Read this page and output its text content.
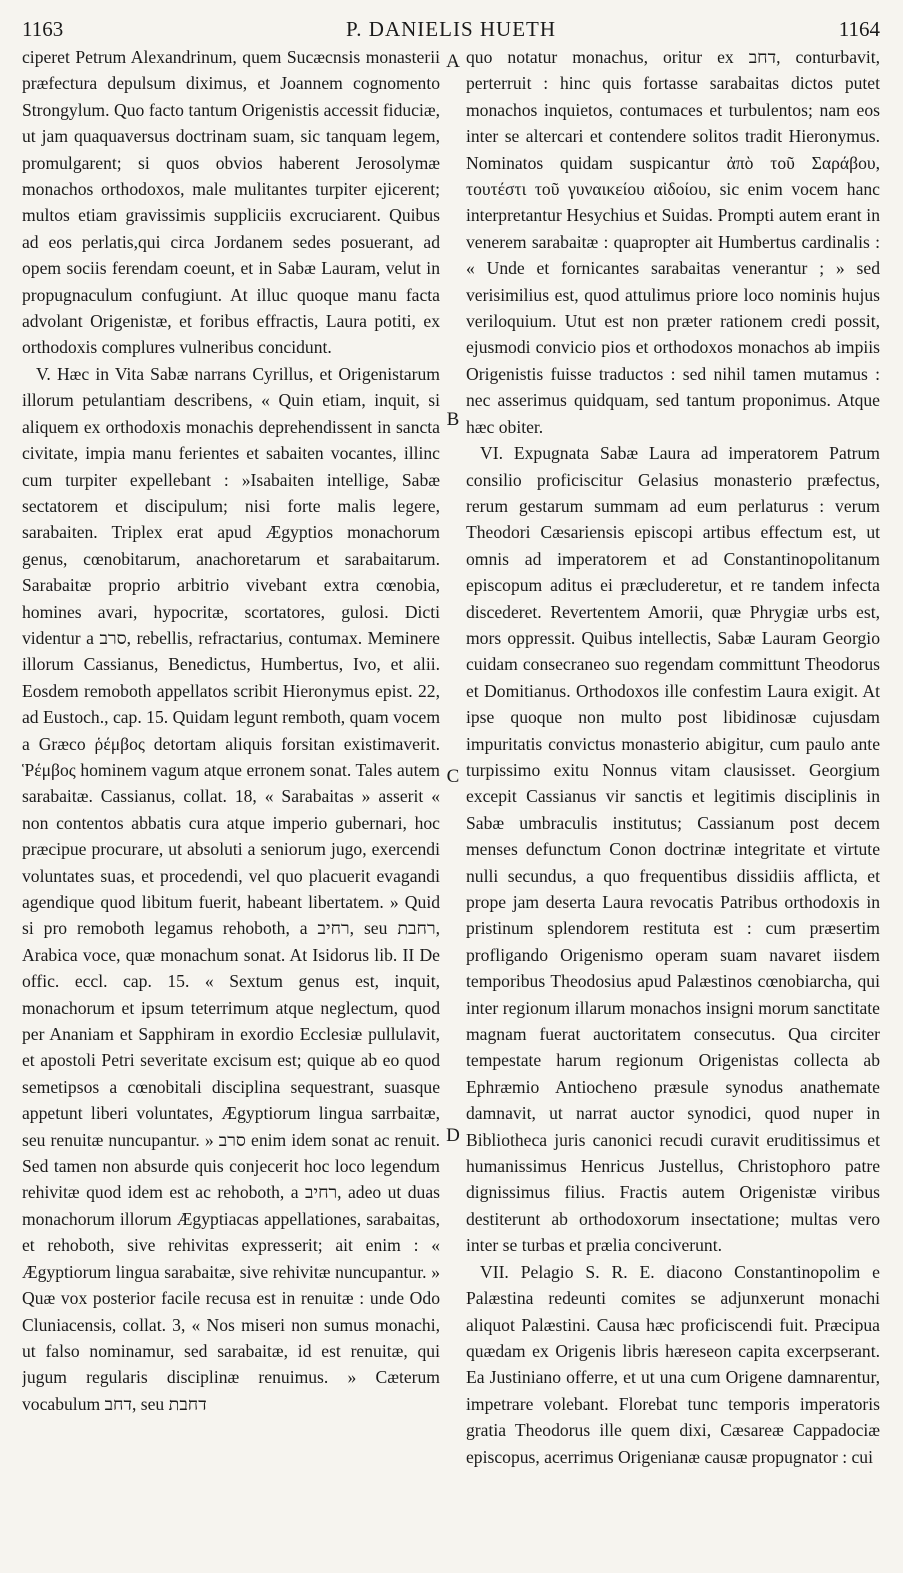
1163	P. DANIELIS HUETH	1164

ciperet Petrum Alexandrinum, quem Sucæcnsis monasterii præfectura depulsum diximus, et Joannem cognomento Strongylum. Quo facto tantum Origenistis accessit fiduciæ, ut jam quaquaversus doctrinam suam, sic tanquam legem, promulgarent; si quos obvios haberent Jerosolymæ monachos orthodoxos, male mulitantes turpiter ejicerent; multos etiam gravissimis suppliciis excruciarent. Quibus ad eos perlatis,qui circa Jordanem sedes posuerant, ad opem sociis ferendam coeunt, et in Sabæ Lauram, velut in propugnaculum confugiunt. At illuc quoque manu facta advolant Origenistæ, et foribus effractis, Laura potiti, ex orthodoxis complures vulneribus concidunt.

V. Hæc in Vita Sabæ narrans Cyrillus, et Origenistarum illorum petulantiam describens, « Quin etiam, inquit, si aliquem ex orthodoxis monachis deprehendissent in sancta civitate, impia manu ferientes et sabaiten vocantes, illinc cum turpiter expellebant : »Isabaiten intellige, Sabæ sectatorem et discipulum; nisi forte malis legere, sarabaiten. Triplex erat apud Ægyptios monachorum genus, cœnobitarum, anachoretarum et sarabaitarum. Sarabaitæ proprio arbitrio vivebant extra cœnobia, homines avari, hypocritæ, scortatores, gulosi. Dicti videntur a סרב, rebellis, refractarius, contumax. Meminere illorum Cassianus, Benedictus, Humbertus, Ivo, et alii. Eosdem remoboth appellatos scribit Hieronymus epist. 22, ad Eustoch., cap. 15. Quidam legunt remboth, quam vocem a Græco ῥέμβος detortam aliquis forsitan existimaverit. Ῥέμβος hominem vagum atque erronem sonat. Tales autem sarabaitæ. Cassianus, collat. 18, « Sarabaitas » asserit « non contentos abbatis cura atque imperio gubernari, hoc præcipue procurare, ut absoluti a seniorum jugo, exercendi voluntates suas, et procedendi, vel quo placuerit evagandi agendique quod libitum fuerit, habeant libertatem. » Quid si pro remoboth legamus rehoboth, a רחיב, seu רחבת, Arabica voce, quæ monachum sonat. At Isidorus lib. II De offic. eccl. cap. 15. « Sextum genus est, inquit, monachorum et ipsum teterrimum atque neglectum, quod per Ananiam et Sapphiram in exordio Ecclesiæ pullulavit, et apostoli Petri severitate excisum est; quique ab eo quod semetipsos a cœnobitali disciplina sequestrant, suasque appetunt liberi voluntates, Ægyptiorum lingua sarrbaitæ, seu renuitæ nuncupantur. » סרב enim idem sonat ac renuit. Sed tamen non absurde quis conjecerit hoc loco legendum rehivitæ quod idem est ac rehoboth, a רחיב, adeo ut duas monachorum illorum Ægyptiacas appellationes, sarabaitas, et rehoboth, sive rehivitas expresserit; ait enim : « Ægyptiorum lingua sarabaitæ, sive rehivitæ nuncupantur. » Quæ vox posterior facile recusa est in renuitæ : unde Odo Cluniacensis, collat. 3, « Nos miseri non sumus monachi, ut falso nominamur, sed sarabaitæ, id est renuitæ, qui jugum regularis disciplinæ renuimus. » Cæterum vocabulum דחב, seu דחבת

A
B
C
D

quo notatur monachus, oritur ex דחב, conturbavit, perterruit : hinc quis fortasse sarabaitas dictos putet monachos inquietos, contumaces et turbulentos; nam eos inter se altercari et contendere solitos tradit Hieronymus. Nominatos quidam suspicantur ἀπὸ τοῦ Σαράβου, τουτέστι τοῦ γυναικείου αἰδοίου, sic enim vocem hanc interpretantur Hesychius et Suidas. Prompti autem erant in venerem sarabaitæ : quapropter ait Humbertus cardinalis : « Unde et fornicantes sarabaitas venerantur ; » sed verisimilius est, quod attulimus priore loco nominis hujus veriloquium. Utut est non præter rationem credi possit, ejusmodi convicio pios et orthodoxos monachos ab impiis Origenistis fuisse traductos : sed nihil tamen mutamus : nec asserimus quidquam, sed tantum proponimus. Atque hæc obiter.

VI. Expugnata Sabæ Laura ad imperatorem Patrum consilio proficiscitur Gelasius monasterio præfectus, rerum gestarum summam ad eum perlaturus : verum Theodori Cæsariensis episcopi artibus effectum est, ut omnis ad imperatorem et ad Constantinopolitanum episcopum aditus ei præcluderetur, et re tandem infecta discederet. Revertentem Amorii, quæ Phrygiæ urbs est, mors oppressit. Quibus intellectis, Sabæ Lauram Georgio cuidam consecraneo suo regendam committunt Theodorus et Domitianus. Orthodoxos ille confestim Laura exigit. At ipse quoque non multo post libidinosæ cujusdam impuritatis convictus monasterio abigitur, cum paulo ante turpissimo exitu Nonnus vitam clausisset. Georgium excepit Cassianus vir sanctis et legitimis disciplinis in Sabæ umbraculis institutus; Cassianum post decem menses defunctum Conon doctrinæ integritate et virtute nulli secundus, a quo frequentibus dissidiis afflicta, et prope jam deserta Laura revocatis Patribus orthodoxis in pristinum splendorem restituta est : cum præsertim profligando Origenismo operam suam navaret iisdem temporibus Theodosius apud Palæstinos cœnobiarcha, qui inter regionum illarum monachos insigni morum sanctitate magnam fuerat auctoritatem consecutus. Qua circiter tempestate harum regionum Origenistas collecta ab Ephræmio Antiocheno præsule synodus anathemate damnavit, ut narrat auctor synodici, quod nuper in Bibliotheca juris canonici recudi curavit eruditissimus et humanissimus Henricus Justellus, Christophoro patre dignissimus filius. Fractis autem Origenistæ viribus destiterunt ab orthodoxorum insectatione; multas vero inter se turbas et prælia conciverunt.

VII. Pelagio S. R. E. diacono Constantinopolim e Palæstina redeunti comites se adjunxerunt monachi aliquot Palæstini. Causa hæc proficiscendi fuit. Præcipua quædam ex Origenis libris hæreseon capita excerpserant. Ea Justiniano offerre, et ut una cum Origene damnarentur, impetrare volebant. Florebat tunc temporis imperatoris gratia Theodorus ille quem dixi, Cæsareæ Cappadociæ episcopus, acerrimus Origenianæ causæ propugnator : cui
